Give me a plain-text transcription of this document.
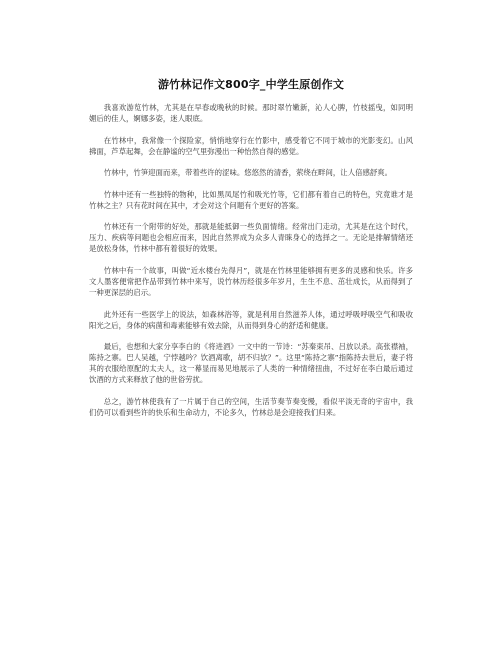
游竹林记作文800字_中学生原创作文

我喜欢游览竹林，尤其是在早春或晚秋的时候。那时翠竹嫩新，沁人心脾，竹枝摇曳，如同明媚后的佳人，婀娜多姿，迷人眼底。

在竹林中，我常像一个探险家，悄悄地穿行在竹影中，感受着它不同于城市的光影变幻。山风拂面，芦草起舞，会在静谧的空气里弥漫出一种怡然自得的感觉。

竹林中，竹笋迎面而来，带着些许的涩味。悠悠然的清香，萦绕在畔间，让人倍感舒爽。

竹林中还有一些独特的物种，比如黑凤尾竹和吸光竹等，它们都有着自己的特色，究竟谁才是竹林之主？只有花时间在其中，才会对这个问题有个更好的答案。

竹林还有一个附带的好处，那就是能抵御一些负面情绪。经常出门走动，尤其是在这个时代，压力、疾病等问题也会相应而来，因此自然界成为众多人青睐身心的选择之一。无论是排解情绪还是放松身体，竹林中都有着很好的效果。

竹林中有一个故事，叫做“近水楼台先得月”，就是在竹林里能够拥有更多的灵感和快乐。许多文人墨客便常把作品带到竹林中来写，说竹林历经很多年岁月，生生不息、茁壮成长，从而得到了一种更深层的启示。

此外还有一些医学上的说法，如森林浴等，就是利用自然滋养人体，通过呼吸呼吸空气和吸收阳光之后，身体的病菌和毒素能够有效去除，从而得到身心的舒适和健康。

最后，也想和大家分享李白的《将进酒》一文中的一节诗：“苏秦束吊、吕放以杀。高张襟袖，陈持之寨。巴人吴越，宁悖越吟？饮酒离歌，胡不归欤？”。这里“陈持之寨”指陈持去世后，妻子将其的衣服给原配的太夫人，这一幕显而易见地展示了人类的一种情绪扭曲，不过好在李白最后通过饮酒的方式来释放了他的世俗劳扰。

总之，游竹林使我有了一片属于自己的空间，生活节奏节奏变慢，看似平淡无奇的宇宙中，我们仍可以看到些许的快乐和生命动力，不论多久，竹林总是会迎接我们归来。
